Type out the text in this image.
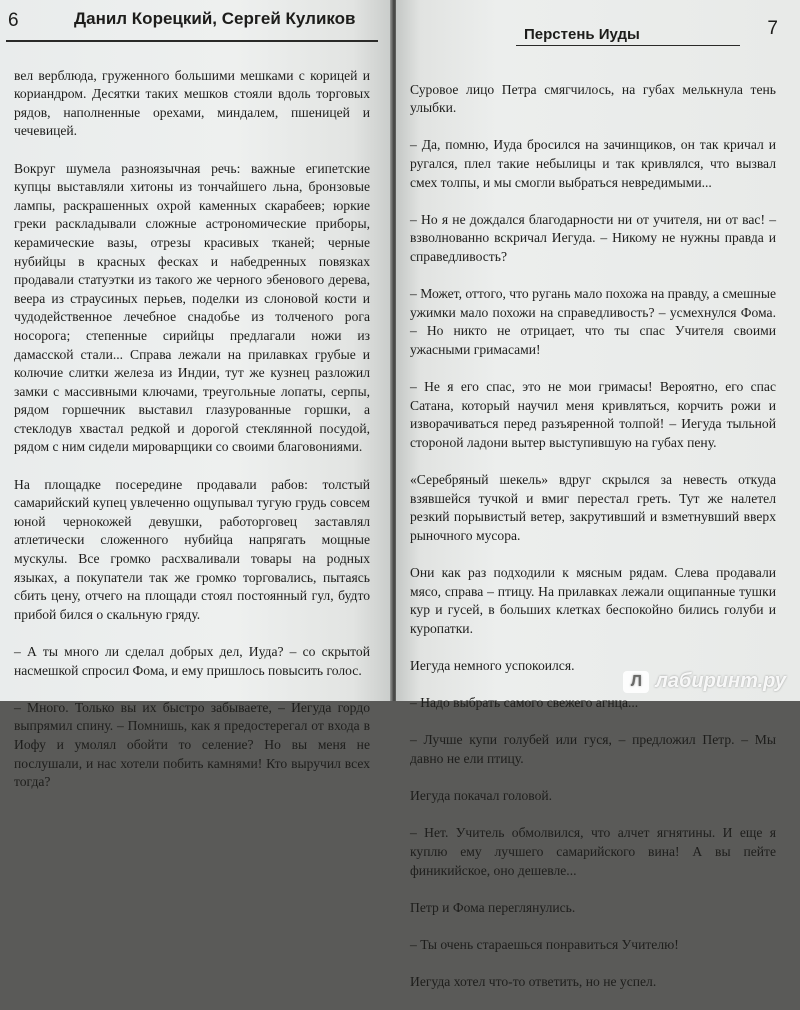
6	Данил Корецкий, Сергей Куликов

вел верблюда, груженного большими мешками с корицей и кориандром. Десятки таких мешков стояли вдоль торговых рядов, наполненные орехами, миндалем, пшеницей и чечевицей.

Вокруг шумела разноязычная речь: важные египетские купцы выставляли хитоны из тончайшего льна, бронзовые лампы, раскрашенных охрой каменных скарабеев; юркие греки раскладывали сложные астрономические приборы, керамические вазы, отрезы красивых тканей; черные нубийцы в красных фесках и набедренных повязках продавали статуэтки из такого же черного эбенового дерева, веера из страусиных перьев, поделки из слоновой кости и чудодейственное лечебное снадобье из толченого рога носорога; степенные сирийцы предлагали ножи из дамасской стали... Справа лежали на прилавках грубые и колючие слитки железа из Индии, тут же кузнец разложил замки с массивными ключами, треугольные лопаты, серпы, рядом горшечник выставил глазурованные горшки, а стеклодув хвастал редкой и дорогой стеклянной посудой, рядом с ним сидели мироварщики со своими благовониями.

На площадке посередине продавали рабов: толстый самарийский купец увлеченно ощупывал тугую грудь совсем юной чернокожей девушки, работорговец заставлял атлетически сложенного нубийца напрягать мощные мускулы. Все громко расхваливали товары на родных языках, а покупатели так же громко торговались, пытаясь сбить цену, отчего на площади стоял постоянный гул, будто прибой бился о скальную гряду.

– А ты много ли сделал добрых дел, Иуда? – со скрытой насмешкой спросил Фома, и ему пришлось повысить голос.

– Много. Только вы их быстро забываете, – Иегуда гордо выпрямил спину. – Помнишь, как я предостерегал от входа в Иофу и умолял обойти то селение? Но вы меня не послушали, и нас хотели побить камнями! Кто выручил всех тогда?

Перстень Иуды	7

Суровое лицо Петра смягчилось, на губах мелькнула тень улыбки.

– Да, помню, Иуда бросился на зачинщиков, он так кричал и ругался, плел такие небылицы и так кривлялся, что вызвал смех толпы, и мы смогли выбраться невредимыми...

– Но я не дождался благодарности ни от учителя, ни от вас! – взволнованно вскричал Иегуда. – Никому не нужны правда и справедливость?

– Может, оттого, что ругань мало похожа на правду, а смешные ужимки мало похожи на справедливость? – усмехнулся Фома. – Но никто не отрицает, что ты спас Учителя своими ужасными гримасами!

– Не я его спас, это не мои гримасы! Вероятно, его спас Сатана, который научил меня кривляться, корчить рожи и изворачиваться перед разъяренной толпой! – Иегуда тыльной стороной ладони вытер выступившую на губах пену.

«Серебряный шекель» вдруг скрылся за невесть откуда взявшейся тучкой и вмиг перестал греть. Тут же налетел резкий порывистый ветер, закрутивший и взметнувший вверх рыночного мусора.

Они как раз подходили к мясным рядам. Слева продавали мясо, справа – птицу. На прилавках лежали ощипанные тушки кур и гусей, в больших клетках беспокойно бились голуби и куропатки.

Иегуда немного успокоился.

– Надо выбрать самого свежего агнца...

– Лучше купи голубей или гуся, – предложил Петр. – Мы давно не ели птицу.

Иегуда покачал головой.

– Нет. Учитель обмолвился, что алчет ягнятины. И еще я куплю ему лучшего самарийского вина! А вы пейте финикийское, оно дешевле...

Петр и Фома переглянулись.

– Ты очень стараешься понравиться Учителю!

Иегуда хотел что-то ответить, но не успел.

Л лабиринт.ру
